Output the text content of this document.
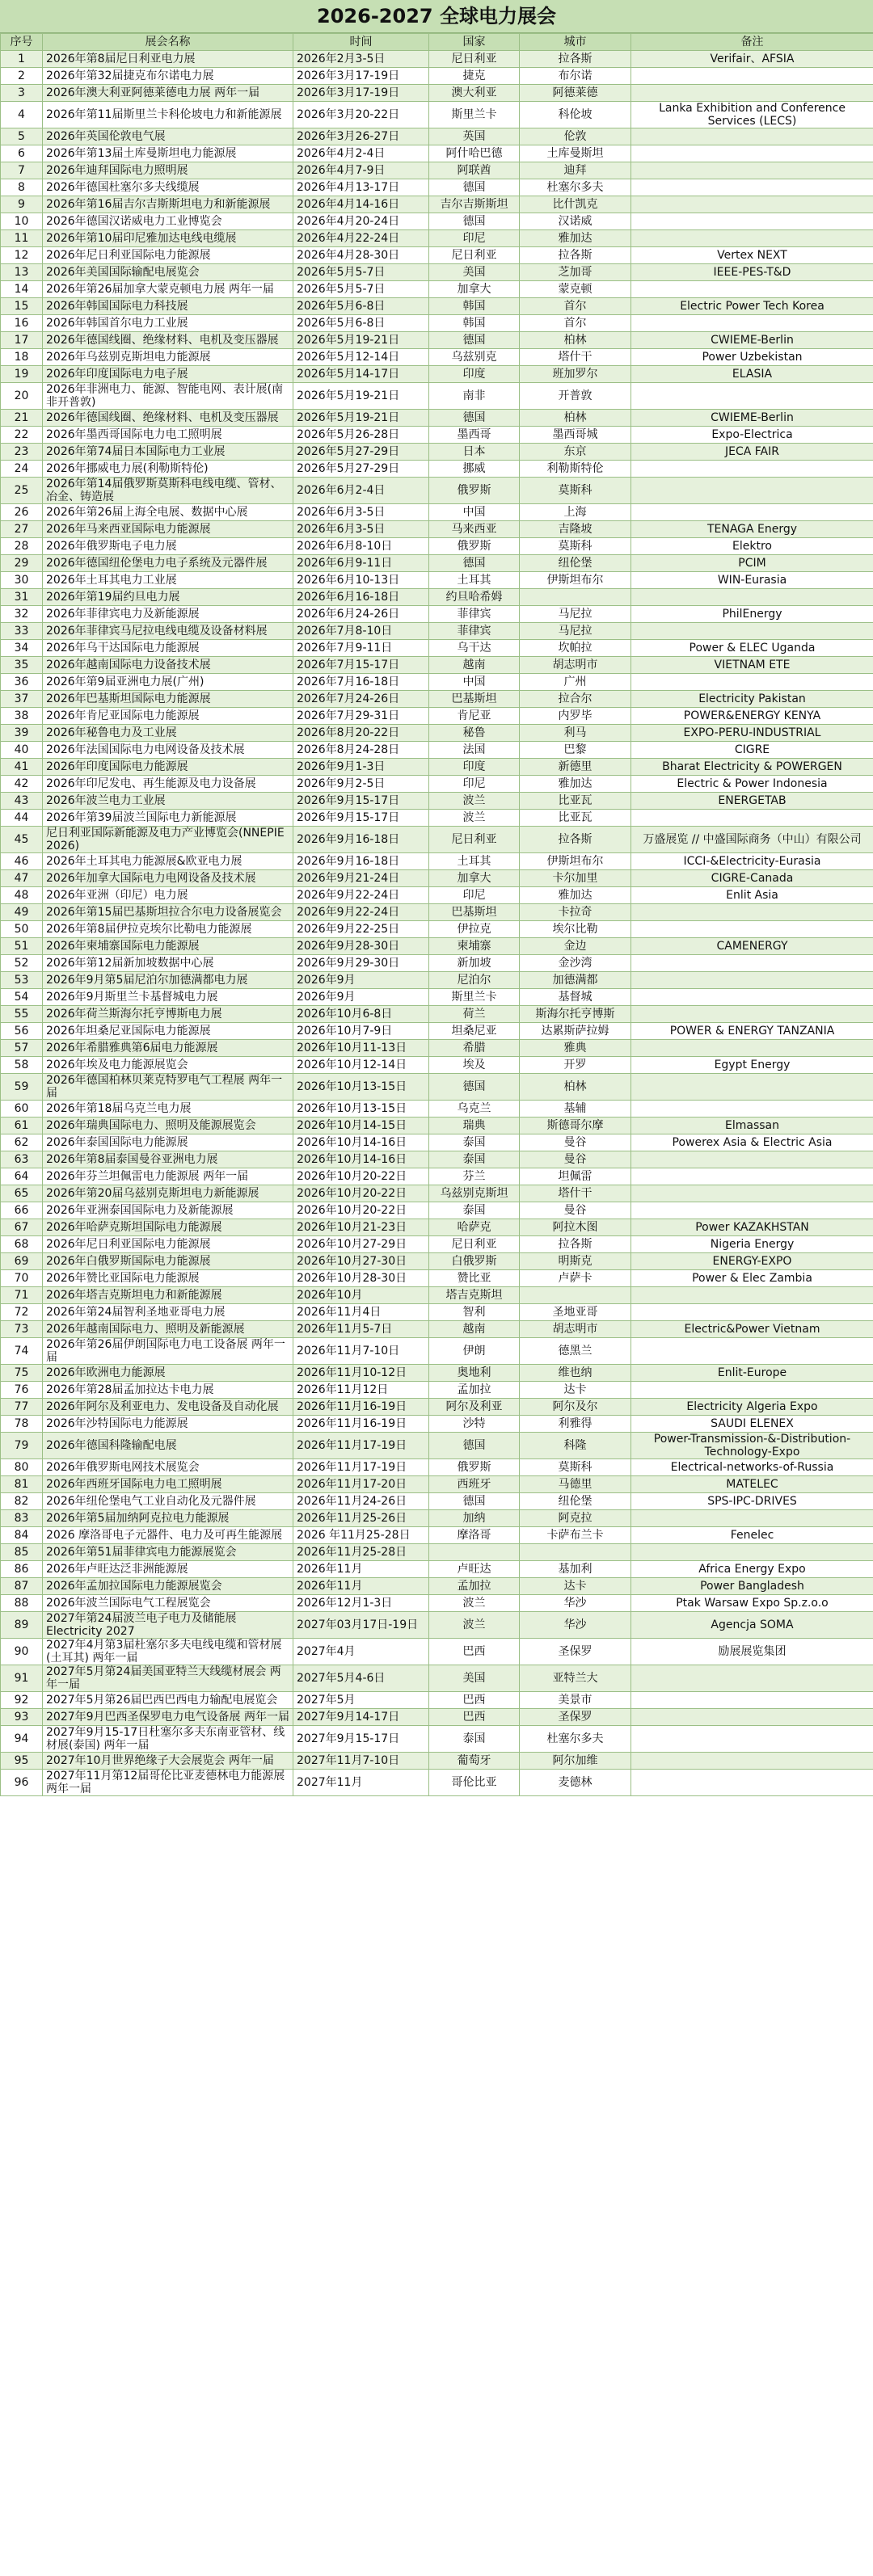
2026-2027 全球电力展会
序号	展会名称	时间	国家	城市	备注
1	2026年第8届尼日利亚电力展	2026年2月3-5日	尼日利亚	拉各斯	Verifair、AFSIA
2	2026年第32届捷克布尔诺电力展	2026年3月17-19日	捷克	布尔诺	
3	2026年澳大利亚阿德莱德电力展 两年一届	2026年3月17-19日	澳大利亚	阿德莱德	
4	2026年第11届斯里兰卡科伦坡电力和新能源展	2026年3月20-22日	斯里兰卡	科伦坡	Lanka Exhibition and Conference Services (LECS)
5	2026年英国伦敦电气展	2026年3月26-27日	英国	伦敦	
6	2026年第13届土库曼斯坦电力能源展	2026年4月2-4日	阿什哈巴德	土库曼斯坦	
7	2026年迪拜国际电力照明展	2026年4月7-9日	阿联酋	迪拜	
8	2026年德国杜塞尔多夫线缆展	2026年4月13-17日	德国	杜塞尔多夫	
9	2026年第16届吉尔吉斯斯坦电力和新能源展	2026年4月14-16日	吉尔吉斯斯坦	比什凯克	
10	2026年德国汉诺威电力工业博览会	2026年4月20-24日	德国	汉诺威	
11	2026年第10届印尼雅加达电线电缆展	2026年4月22-24日	印尼	雅加达	
12	2026年尼日利亚国际电力能源展	2026年4月28-30日	尼日利亚	拉各斯	Vertex NEXT
13	2026年美国国际输配电展览会	2026年5月5-7日	美国	芝加哥	IEEE-PES-T&D
14	2026年第26届加拿大蒙克顿电力展 两年一届	2026年5月5-7日	加拿大	蒙克顿	
15	2026年韩国国际电力科技展	2026年5月6-8日	韩国	首尔	Electric Power Tech Korea
16	2026年韩国首尔电力工业展	2026年5月6-8日	韩国	首尔	
17	2026年德国线圈、绝缘材料、电机及变压器展	2026年5月19-21日	德国	柏林	CWIEME-Berlin
18	2026年乌兹别克斯坦电力能源展	2026年5月12-14日	乌兹别克	塔什干	Power Uzbekistan
19	2026年印度国际电力电子展	2026年5月14-17日	印度	班加罗尔	ELASIA
20	2026年非洲电力、能源、智能电网、表计展(南非开普敦)	2026年5月19-21日	南非	开普敦	
21	2026年德国线圈、绝缘材料、电机及变压器展	2026年5月19-21日	德国	柏林	CWIEME-Berlin
22	2026年墨西哥国际电力电工照明展	2026年5月26-28日	墨西哥	墨西哥城	Expo-Electrica
23	2026年第74届日本国际电力工业展	2026年5月27-29日	日本	东京	JECA FAIR
24	2026年挪威电力展(利勒斯特伦)	2026年5月27-29日	挪威	利勒斯特伦	
25	2026年第14届俄罗斯莫斯科电线电缆、管材、冶金、铸造展	2026年6月2-4日	俄罗斯	莫斯科	
26	2026年第26届上海全电展、数据中心展	2026年6月3-5日	中国	上海	
27	2026年马来西亚国际电力能源展	2026年6月3-5日	马来西亚	吉隆坡	TENAGA Energy
28	2026年俄罗斯电子电力展	2026年6月8-10日	俄罗斯	莫斯科	Elektro
29	2026年德国纽伦堡电力电子系统及元器件展	2026年6月9-11日	德国	纽伦堡	PCIM
30	2026年土耳其电力工业展	2026年6月10-13日	土耳其	伊斯坦布尔	WIN-Eurasia
31	2026年第19届约旦电力展	2026年6月16-18日	约旦哈希姆		
32	2026年菲律宾电力及新能源展	2026年6月24-26日	菲律宾	马尼拉	PhilEnergy
33	2026年菲律宾马尼拉电线电缆及设备材料展	2026年7月8-10日	菲律宾	马尼拉	
34	2026年乌干达国际电力能源展	2026年7月9-11日	乌干达	坎帕拉	Power & ELEC Uganda
35	2026年越南国际电力设备技术展	2026年7月15-17日	越南	胡志明市	VIETNAM ETE
36	2026年第9届亚洲电力展(广州)	2026年7月16-18日	中国	广州	
37	2026年巴基斯坦国际电力能源展	2026年7月24-26日	巴基斯坦	拉合尔	Electricity Pakistan
38	2026年肯尼亚国际电力能源展	2026年7月29-31日	肯尼亚	内罗毕	POWER&ENERGY KENYA
39	2026年秘鲁电力及工业展	2026年8月20-22日	秘鲁	利马	EXPO-PERU-INDUSTRIAL
40	2026年法国国际电力电网设备及技术展	2026年8月24-28日	法国	巴黎	CIGRE
41	2026年印度国际电力能源展	2026年9月1-3日	印度	新德里	Bharat Electricity & POWERGEN
42	2026年印尼发电、再生能源及电力设备展	2026年9月2-5日	印尼	雅加达	Electric & Power Indonesia
43	2026年波兰电力工业展	2026年9月15-17日	波兰	比亚瓦	ENERGETAB
44	2026年第39届波兰国际电力新能源展	2026年9月15-17日	波兰	比亚瓦	
45	尼日利亚国际新能源及电力产业博览会(NNEPIE 2026)	2026年9月16-18日	尼日利亚	拉各斯	万盛展览 // 中盛国际商务（中山）有限公司
46	2026年土耳其电力能源展&欧亚电力展	2026年9月16-18日	土耳其	伊斯坦布尔	ICCI-&Electricity-Eurasia
47	2026年加拿大国际电力电网设备及技术展	2026年9月21-24日	加拿大	卡尔加里	CIGRE-Canada
48	2026年亚洲（印尼）电力展	2026年9月22-24日	印尼	雅加达	Enlit Asia
49	2026年第15届巴基斯坦拉合尔电力设备展览会	2026年9月22-24日	巴基斯坦	卡拉奇	
50	2026年第8届伊拉克埃尔比勒电力能源展	2026年9月22-25日	伊拉克	埃尔比勒	
51	2026年柬埔寨国际电力能源展	2026年9月28-30日	柬埔寨	金边	CAMENERGY
52	2026年第12届新加坡数据中心展	2026年9月29-30日	新加坡	金沙湾	
53	2026年9月第5届尼泊尔加德满都电力展	2026年9月	尼泊尔	加德满都	
54	2026年9月斯里兰卡基督城电力展	2026年9月	斯里兰卡	基督城	
55	2026年荷兰斯海尔托亨博斯电力展	2026年10月6-8日	荷兰	斯海尔托亨博斯	
56	2026年坦桑尼亚国际电力能源展	2026年10月7-9日	坦桑尼亚	达累斯萨拉姆	POWER & ENERGY TANZANIA
57	2026年希腊雅典第6届电力能源展	2026年10月11-13日	希腊	雅典	
58	2026年埃及电力能源展览会	2026年10月12-14日	埃及	开罗	Egypt Energy
59	2026年德国柏林贝莱克特罗电气工程展 两年一届	2026年10月13-15日	德国	柏林	
60	2026年第18届乌克兰电力展	2026年10月13-15日	乌克兰	基辅	
61	2026年瑞典国际电力、照明及能源展览会	2026年10月14-15日	瑞典	斯德哥尔摩	Elmassan
62	2026年泰国国际电力能源展	2026年10月14-16日	泰国	曼谷	Powerex Asia & Electric Asia
63	2026年第8届泰国曼谷亚洲电力展	2026年10月14-16日	泰国	曼谷	
64	2026年芬兰坦佩雷电力能源展 两年一届	2026年10月20-22日	芬兰	坦佩雷	
65	2026年第20届乌兹别克斯坦电力新能源展	2026年10月20-22日	乌兹别克斯坦	塔什干	
66	2026年亚洲泰国国际电力及新能源展	2026年10月20-22日	泰国	曼谷	
67	2026年哈萨克斯坦国际电力能源展	2026年10月21-23日	哈萨克	阿拉木图	Power KAZAKHSTAN
68	2026年尼日利亚国际电力能源展	2026年10月27-29日	尼日利亚	拉各斯	Nigeria Energy
69	2026年白俄罗斯国际电力能源展	2026年10月27-30日	白俄罗斯	明斯克	ENERGY-EXPO
70	2026年赞比亚国际电力能源展	2026年10月28-30日	赞比亚	卢萨卡	Power & Elec Zambia
71	2026年塔吉克斯坦电力和新能源展	2026年10月	塔吉克斯坦		
72	2026年第24届智利圣地亚哥电力展	2026年11月4日	智利	圣地亚哥	
73	2026年越南国际电力、照明及新能源展	2026年11月5-7日	越南	胡志明市	Electric&Power Vietnam
74	2026年第26届伊朗国际电力电工设备展 两年一届	2026年11月7-10日	伊朗	德黑兰	
75	2026年欧洲电力能源展	2026年11月10-12日	奥地利	维也纳	Enlit-Europe
76	2026年第28届孟加拉达卡电力展	2026年11月12日	孟加拉	达卡	
77	2026年阿尔及利亚电力、发电设备及自动化展	2026年11月16-19日	阿尔及利亚	阿尔及尔	Electricity Algeria Expo
78	2026年沙特国际电力能源展	2026年11月16-19日	沙特	利雅得	SAUDI ELENEX
79	2026年德国科隆输配电展	2026年11月17-19日	德国	科隆	Power-Transmission-&-Distribution-Technology-Expo
80	2026年俄罗斯电网技术展览会	2026年11月17-19日	俄罗斯	莫斯科	Electrical-networks-of-Russia
81	2026年西班牙国际电力电工照明展	2026年11月17-20日	西班牙	马德里	MATELEC
82	2026年纽伦堡电气工业自动化及元器件展	2026年11月24-26日	德国	纽伦堡	SPS-IPC-DRIVES
83	2026年第5届加纳阿克拉电力能源展	2026年11月25-26日	加纳	阿克拉	
84	2026 摩洛哥电子元器件、电力及可再生能源展	2026 年11月25-28日	摩洛哥	卡萨布兰卡	Fenelec
85	2026年第51届菲律宾电力能源展览会	2026年11月25-28日			
86	2026年卢旺达泛非洲能源展	2026年11月	卢旺达	基加利	Africa Energy Expo
87	2026年孟加拉国际电力能源展览会	2026年11月	孟加拉	达卡	Power Bangladesh
88	2026年波兰国际电气工程展览会	2026年12月1-3日	波兰	华沙	Ptak Warsaw Expo Sp.z.o.o
89	2027年第24届波兰电子电力及储能展Electricity 2027	2027年03月17日-19日	波兰	华沙	Agencja SOMA
90	2027年4月第3届杜塞尔多夫电线电缆和管材展(土耳其) 两年一届	2027年4月	巴西	圣保罗	励展展览集团
91	2027年5月第24届美国亚特兰大线缆材展会 两年一届	2027年5月4-6日	美国	亚特兰大	
92	2027年5月第26届巴西巴西电力输配电展览会	2027年5月	巴西	美景市	
93	2027年9月巴西圣保罗电力电气设备展 两年一届	2027年9月14-17日	巴西	圣保罗	
94	2027年9月15-17日杜塞尔多夫东南亚管材、线材展(泰国) 两年一届	2027年9月15-17日	泰国	杜塞尔多夫	
95	2027年10月世界绝缘子大会展览会 两年一届	2027年11月7-10日	葡萄牙	阿尔加维	
96	2027年11月第12届哥伦比亚麦德林电力能源展 两年一届	2027年11月	哥伦比亚	麦德林	
